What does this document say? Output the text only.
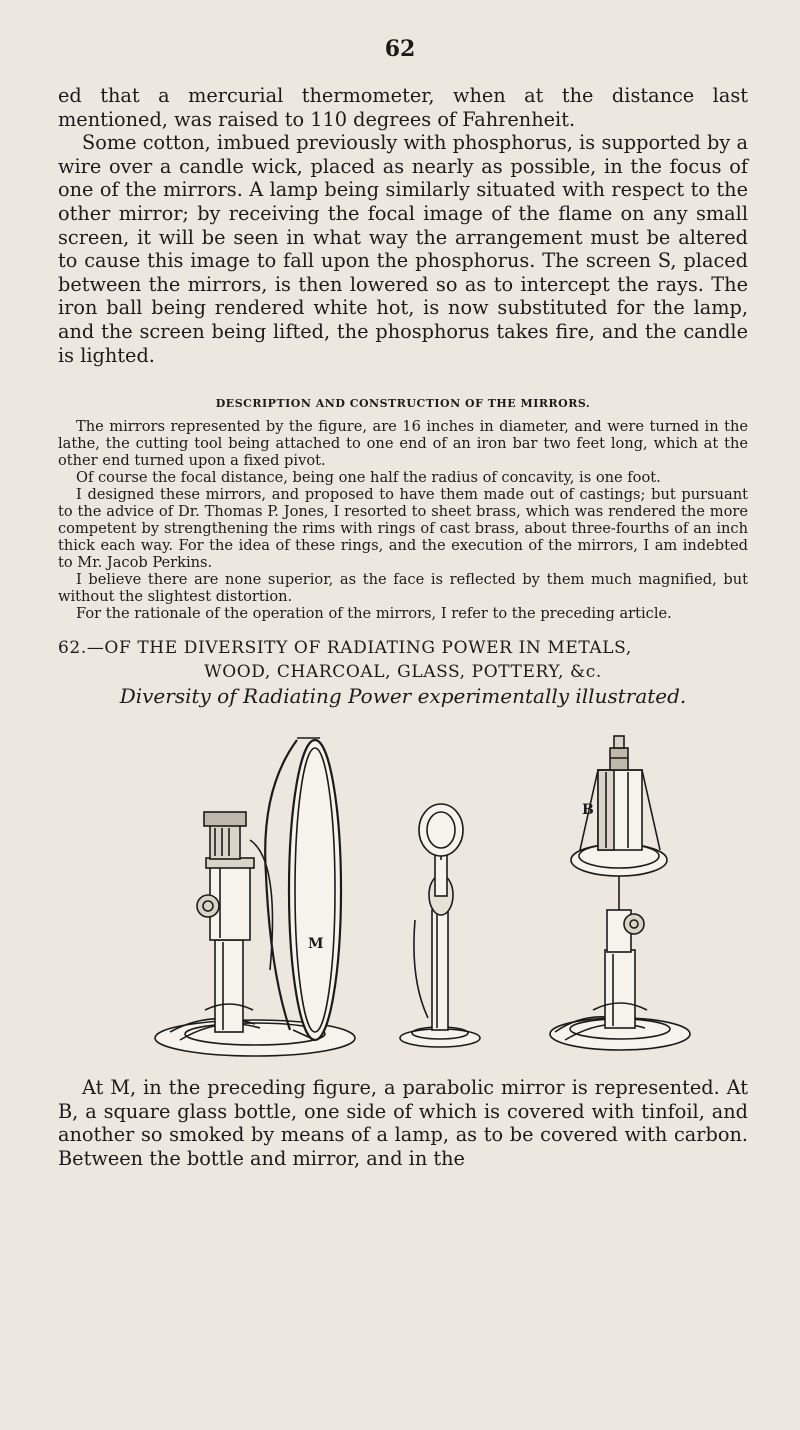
62

ed that a mercurial thermometer, when at the distance last mentioned, was raised to 110 degrees of Fahrenheit.

Some cotton, imbued previously with phosphorus, is supported by a wire over a candle wick, placed as nearly as possible, in the focus of one of the mirrors. A lamp being similarly situated with respect to the other mirror; by receiving the focal image of the flame on any small screen, it will be seen in what way the arrangement must be altered to cause this image to fall upon the phosphorus. The screen S, placed between the mirrors, is then lowered so as to intercept the rays. The iron ball being rendered white hot, is now substituted for the lamp, and the screen being lifted, the phosphorus takes fire, and the candle is lighted.

DESCRIPTION AND CONSTRUCTION OF THE MIRRORS.

The mirrors represented by the figure, are 16 inches in diameter, and were turned in the lathe, the cutting tool being attached to one end of an iron bar two feet long, which at the other end turned upon a fixed pivot.

Of course the focal distance, being one half the radius of concavity, is one foot.

I designed these mirrors, and proposed to have them made out of castings; but pursuant to the advice of Dr. Thomas P. Jones, I resorted to sheet brass, which was rendered the more competent by strengthening the rims with rings of cast brass, about three-fourths of an inch thick each way. For the idea of these rings, and the execution of the mirrors, I am indebted to Mr. Jacob Perkins.

I believe there are none superior, as the face is reflected by them much magnified, but without the slightest distortion.

For the rationale of the operation of the mirrors, I refer to the preceding article.

62.—OF THE DIVERSITY OF RADIATING POWER IN METALS,
WOOD, CHARCOAL, GLASS, POTTERY, &c.
Diversity of Radiating Power experimentally illustrated.
M
B

At M, in the preceding figure, a parabolic mirror is represented. At B, a square glass bottle, one side of which is covered with tinfoil, and another so smoked by means of a lamp, as to be covered with carbon. Between the bottle and mirror, and in the
